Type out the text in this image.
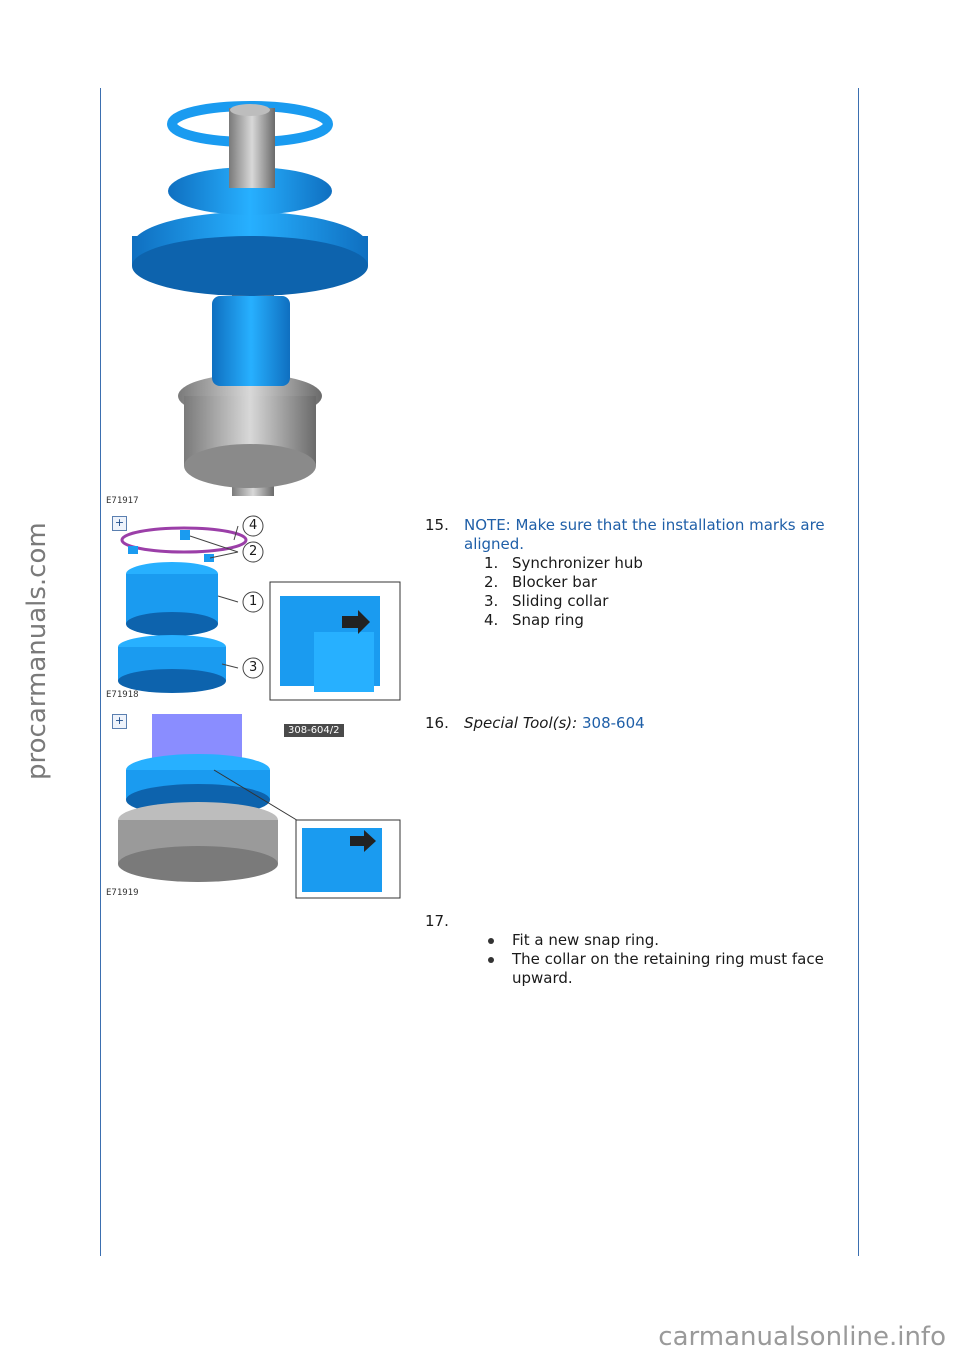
procarmanuals.com
E71917
+	4
2
1
3
E71918
+
308-604/2
E71919
15. NOTE: Make sure that the installation marks are aligned.
1. Synchronizer hub
2. Blocker bar
3. Sliding collar
4. Snap ring
16. Special Tool(s): 308-604
17.
Fit a new snap ring.
The collar on the retaining ring must face upward.
carmanualsonline.info
